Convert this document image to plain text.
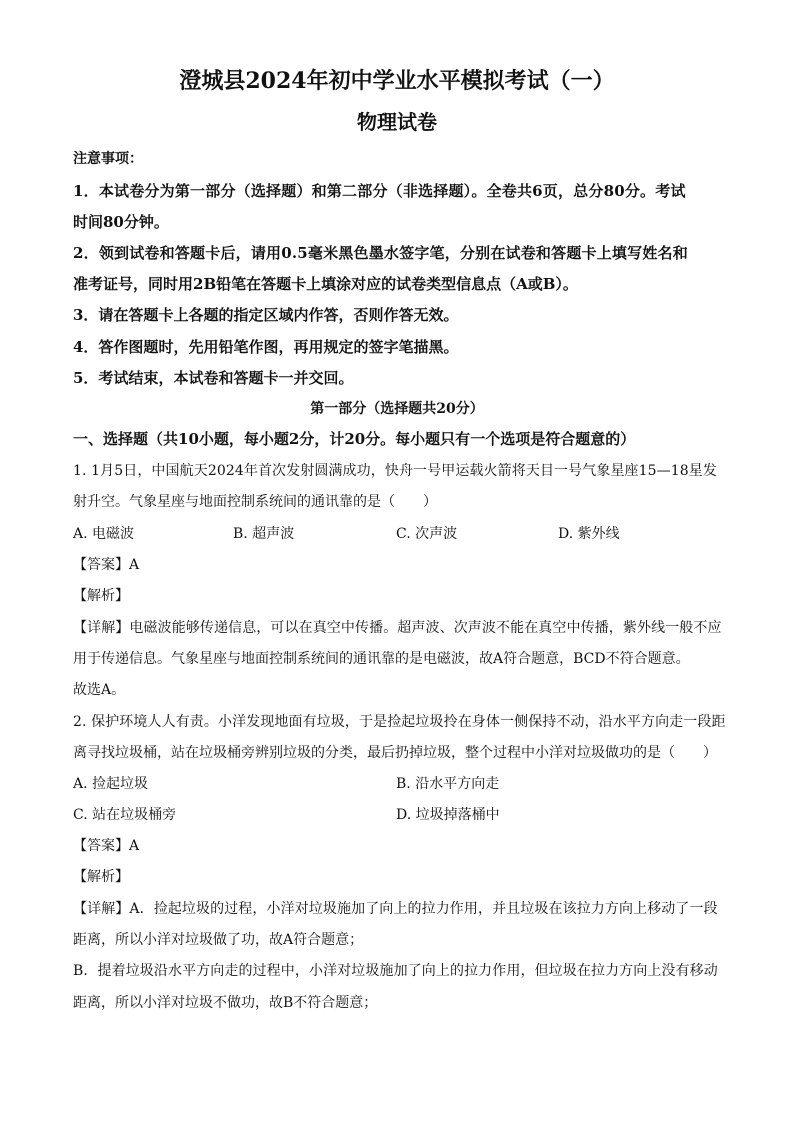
澄城县2024年初中学业水平模拟考试（一）
物理试卷
注意事项：
1．本试卷分为第一部分（选择题）和第二部分（非选择题）。全卷共6页，总分80分。考试
时间80分钟。
2．领到试卷和答题卡后，请用0.5毫米黑色墨水签字笔，分别在试卷和答题卡上填写姓名和
准考证号，同时用2B铅笔在答题卡上填涂对应的试卷类型信息点（A或B）。
3．请在答题卡上各题的指定区域内作答，否则作答无效。
4．答作图题时，先用铅笔作图，再用规定的签字笔描黑。
5．考试结束，本试卷和答题卡一并交回。
第一部分（选择题共20分）
一、选择题（共10小题，每小题2分，计20分。每小题只有一个选项是符合题意的）
1. 1月5日，中国航天2024年首次发射圆满成功，快舟一号甲运载火箭将天目一号气象星座15—18星发
射升空。气象星座与地面控制系统间的通讯靠的是（　　）
A. 电磁波	B. 超声波	C. 次声波	D. 紫外线
【答案】A
【解析】
【详解】电磁波能够传递信息，可以在真空中传播。超声波、次声波不能在真空中传播，紫外线一般不应
用于传递信息。气象星座与地面控制系统间的通讯靠的是电磁波，故A符合题意，BCD不符合题意。
故选A。
2. 保护环境人人有责。小洋发现地面有垃圾，于是捡起垃圾拎在身体一侧保持不动，沿水平方向走一段距
离寻找垃圾桶，站在垃圾桶旁辨别垃圾的分类，最后扔掉垃圾，整个过程中小洋对垃圾做功的是（　　）
A. 捡起垃圾	B. 沿水平方向走
C. 站在垃圾桶旁	D. 垃圾掉落桶中
【答案】A
【解析】
【详解】A．捡起垃圾的过程，小洋对垃圾施加了向上的拉力作用，并且垃圾在该拉力方向上移动了一段
距离，所以小洋对垃圾做了功，故A符合题意；
B．提着垃圾沿水平方向走的过程中，小洋对垃圾施加了向上的拉力作用，但垃圾在拉力方向上没有移动
距离，所以小洋对垃圾不做功，故B不符合题意；
